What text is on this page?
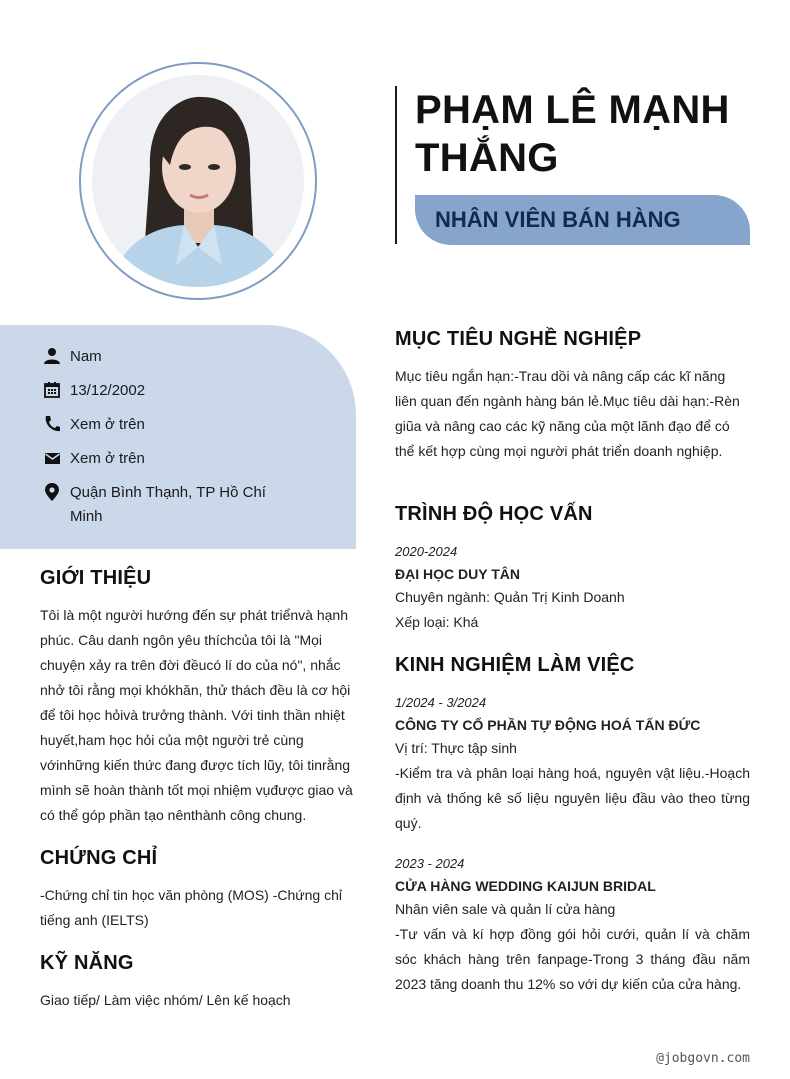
PHẠM LÊ MẠNH THẮNG
NHÂN VIÊN BÁN HÀNG
Nam
13/12/2002
Xem ở trên
Xem ở trên
Quận Bình Thạnh, TP Hồ Chí Minh
GIỚI THIỆU
Tôi là một người hướng đến sự phát triểnvà hạnh phúc. Câu danh ngôn yêu thíchcủa tôi là "Mọi chuyện xảy ra trên đời đềucó lí do của nó", nhắc nhở tôi rằng mọi khókhăn, thử thách đều là cơ hội để tôi học hỏivà trưởng thành. Với tinh thần nhiệt huyết,ham học hỏi của một người trẻ cùng vớinhững kiến thức đang được tích lũy, tôi tinrằng mình sẽ hoàn thành tốt mọi nhiệm vụđược giao và có thể góp phần tạo nênthành công chung.
CHỨNG CHỈ
-Chứng chỉ tin học văn phòng (MOS) -Chứng chỉ tiếng anh (IELTS)
KỸ NĂNG
Giao tiếp/ Làm việc nhóm/ Lên kế hoạch
MỤC TIÊU NGHỀ NGHIỆP
Mục tiêu ngắn hạn:-Trau dồi và nâng cấp các kĩ năng liên quan đến ngành hàng bán lẻ.Mục tiêu dài hạn:-Rèn giũa và nâng cao các kỹ năng của một lãnh đạo để có thể kết hợp cùng mọi người phát triển doanh nghiệp.
TRÌNH ĐỘ HỌC VẤN
2020-2024
ĐẠI HỌC DUY TÂN
Chuyên ngành: Quản Trị Kinh Doanh
Xếp loại: Khá
KINH NGHIỆM LÀM VIỆC
1/2024 - 3/2024
CÔNG TY CỔ PHẦN TỰ ĐỘNG HOÁ TẤN ĐỨC
Vị trí: Thực tập sinh
-Kiểm tra và phân loại hàng hoá, nguyên vật liệu.-Hoạch định và thống kê số liệu nguyên liệu đầu vào theo từng quý.
2023 - 2024
CỬA HÀNG WEDDING KAIJUN BRIDAL
Nhân viên sale và quản lí cửa hàng
-Tư vấn và kí hợp đồng gói hỏi cưới, quản lí và chăm sóc khách hàng trên fanpage-Trong 3 tháng đầu năm 2023 tăng doanh thu 12% so với dự kiến của cửa hàng.
@jobgovn.com
